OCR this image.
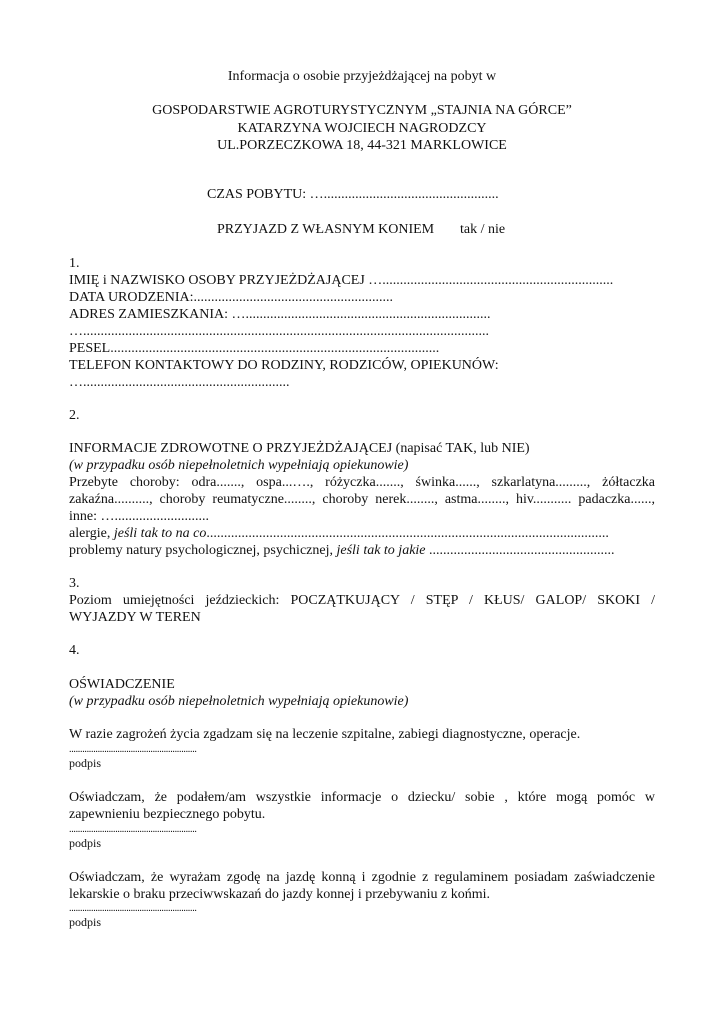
Informacja o osobie przyjeżdżającej na pobyt w
GOSPODARSTWIE AGROTURYSTYCZNYM „STAJNIA NA GÓRCE”
KATARZYNA WOJCIECH NAGRODZCY
UL.PORZECZKOWA 18, 44-321 MARKLOWICE
CZAS POBYTU: …..................................................
PRZYJAZD Z WŁASNYM KONIEM tak / nie
1.
IMIĘ i NAZWISKO OSOBY PRZYJEŻDŻAJĄCEJ …..................................................................
DATA URODZENIA:.........................................................
ADRES ZAMIESZKANIA: …......................................................................
…....................................................................................................................
PESEL..............................................................................................
TELEFON KONTAKTOWY DO RODZINY, RODZICÓW, OPIEKUNÓW:
…...........................................................
2.
INFORMACJE ZDROWOTNE O PRZYJEŻDŻAJĄCEJ (napisać TAK, lub NIE)
(w przypadku osób niepełnoletnich wypełniają opiekunowie)
Przebyte choroby: odra......., ospa...…., różyczka......., świnka......, szkarlatyna........., żółtaczka
zakaźna.........., choroby reumatyczne........, choroby nerek........, astma........, hiv........... padaczka......,
inne: …...........................
alergie, jeśli tak to na co...................................................................................................................
problemy natury psychologicznej, psychicznej, jeśli tak to jakie .....................................................
3.
Poziom umiejętności jeździeckich: POCZĄTKUJĄCY / STĘP / KŁUS/ GALOP/ SKOKI /
WYJAZDY W TEREN
4.
OŚWIADCZENIE
(w przypadku osób niepełnoletnich wypełniają opiekunowie)
W razie zagrożeń życia zgadzam się na leczenie szpitalne, zabiegi diagnostyczne, operacje.
..........................................................
podpis
Oświadczam, że podałem/am wszystkie informacje o dziecku/ sobie , które mogą pomóc w
zapewnieniu bezpiecznego pobytu.
..........................................................
podpis
Oświadczam, że wyrażam zgodę na jazdę konną i zgodnie z regulaminem posiadam zaświadczenie
lekarskie o braku przeciwwskazań do jazdy konnej i przebywaniu z końmi.
..........................................................
podpis
